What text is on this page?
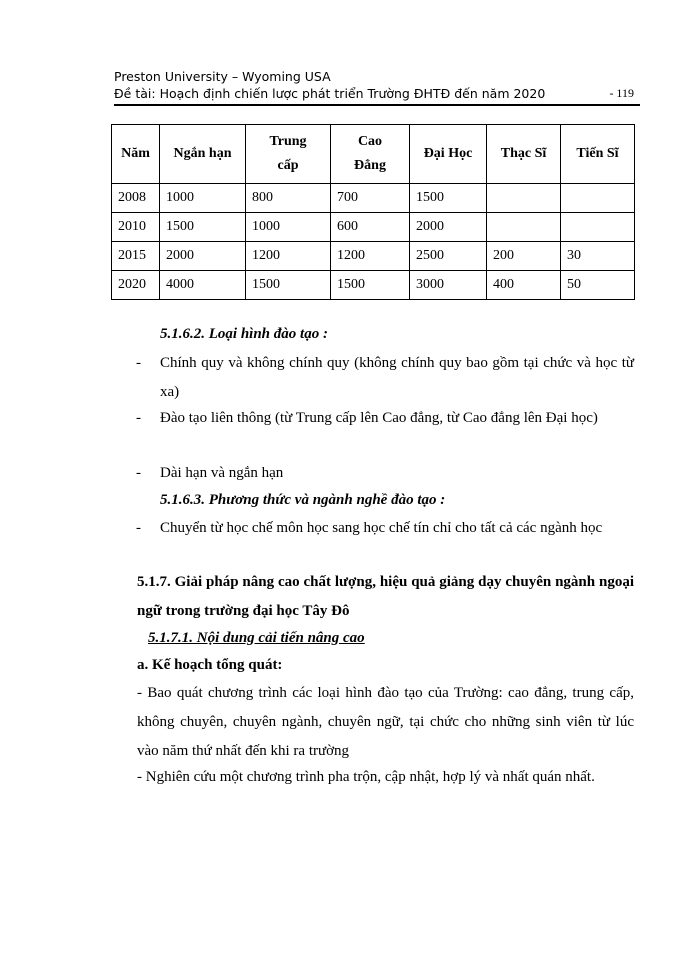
Preston University – Wyoming USA
Đề tài: Hoạch định chiến lược phát triển Trường ĐHTĐ đến năm 2020	- 119
Năm	Ngắn hạn	Trung cấp	Cao Đẳng	Đại Học	Thạc Sĩ	Tiến Sĩ
2008	1000	800	700	1500		
2010	1500	1000	600	2000		
2015	2000	1200	1200	2500	200	30
2020	4000	1500	1500	3000	400	50
5.1.6.2. Loại hình đào tạo :
- Chính quy và không chính quy (không chính quy bao gồm tại chức và học từ xa)
- Đào tạo liên thông (từ Trung cấp lên Cao đẳng, từ Cao đẳng lên Đại học)
- Dài hạn và ngắn hạn
5.1.6.3. Phương thức và ngành nghề đào tạo :
- Chuyển từ học chế môn học sang học chế tín chỉ cho tất cả các ngành học
5.1.7. Giải pháp nâng cao chất lượng, hiệu quả giảng dạy chuyên ngành ngoại ngữ trong trường đại học Tây Đô
5.1.7.1. Nội dung cải tiến nâng cao
a. Kế hoạch tổng quát:
- Bao quát chương trình các loại hình đào tạo của Trường: cao đẳng, trung cấp, không chuyên, chuyên ngành, chuyên ngữ, tại chức cho những sinh viên từ lúc vào năm thứ nhất đến khi ra trường
- Nghiên cứu một chương trình pha trộn, cập nhật, hợp lý và nhất quán nhất.
